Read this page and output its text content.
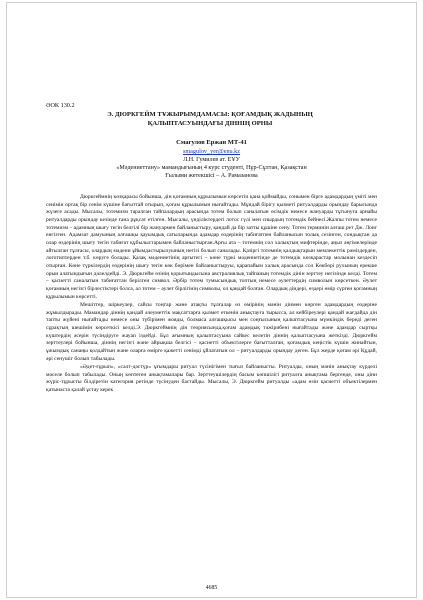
ӘОК 130.2
Э. ДЮРКГЕЙМ ТҰЖЫРЫМДАМАСЫ: ҚОҒАМДЫҚ ЖАДЫНЫҢ
ҚАЛЫПТАСУЫНДАҒЫ ДІННІҢ ОРНЫ
Смагулов Ержан МТ-41
smagulov_yer@enu.kz
Л.Н. Гумилев ат. ЕҰУ
«Мәдениеттану» мамандығының 4 курс студенті, Нұр-Сұлтан, Қазақстан
Ғылыми жетекшісі – А. Рамазанова

Дюркгеймнің көзқарасы бойынша, дін қоғамның құрылымын көрсетіп қана қоймайды, сонымен бірге адамдардың үміті мен сенімін ортақ бір сенім күшіне бағыттай отырып, қоғам құрылымын нығайтады. Мұндай бірігу қызметі ритуалдарды орындау барысында жүзеге асады. Мысалы, тотемизм таралған тайпалардың арасында тотем болып саналатын өсімдік немесе жануарды тұтынуға арнайы ритуалдарды орындау кезінде ғана рұқсат етілген. Мысалы, үнділіктердегі лотос гүлі мен сиырдың тотемдік бейнесі.Жалпы тотем немесе тотемизм – адамның шығу тегін белгілі бір жануармен байланыстыру, қандай да бір затты құшіне сену. Тотем терминін алғаш рет Дж. Лонг енгізген. Адамзат дамуының алғашқы қауымдық сатыларында адамдар өздерінің табиғатпен байланысын толық сезінген, сондықтан да олар өздерінің шығу тегін табиғат құбылыстарымен байланыстырған.Арғы ата – тотемнің сол халықтың мифтерінде, аңыз әңгімелерінде айтылған тұлғасы, олардың мəдени ұйымдастырылуының негізі болып саналады. Қазіргі тотемнің қалдықтарын мемлекеттік рәміздерден, логотиптерден т.б. көруге болады. Қазақ мəдениетінің арғытегі – көне түркі мəдениетінде де тотемдік көзқарастар молынан кездесіп отырған. Көне түркілердің өздерінің шығу тегін көк бөрімен байланыстыруы, қарапайым халық арасында сол Көкбөрі рухының ерекше орын алатындығын дəлелдейді. Э. Дюркгейм өзінің қорытындысына австралиялық тайпаның тотемдік дінін зерттеу негізінде келді. Тотем – қасиетті саналатын табиғаттан берілген символ. Әрбір тотем тумысындық топтың немесе әулеттердің символын көрсеткен. Әулет қоғамның негізгі бірлестіктері болса, ал тотем – әулет бірлігінің символы, ол қандай болған. Олардың діндері, өздері өмір сүрген қоғамның құрылымын көрсетті.

Мешіттер, шіркеулер, сайсы тоңтар және атақты тұлғалар өз өмірінің мəнін дінмен көрген адамдардың өздеріне жұмылдырады. Мамандар діннің қандай әлеуметтік мақсаттарға қызмет еткенін анықтауға тырысса, ал кейбіреулері қандай жағдайда дін тапты жүйені нығайтады немесе оны түбірімен жояды, болмаса алғашқысы мен соңғысының қалыптасуына мүмкіндік береді деген сұрақтың шешімін көрсеткісі келді.Э. Дюркгеймнің дін теориясында,қоғам адамдық тəжірибені нығайтады және адамдар сыртқы күштердің әсерін түсіндіруге жауап іздейді. Бұл ағымның қалыптасуына сайкес келетін діннің қалыптасуына жеткізді. Дюркгейм зерттеулері бойынша, діннің негізгі және айрықша белгісі – қасиетті объектілерге бағытталған, қоғамдық кеңістік күшін жинайтын, ұжымдық санаңы қолдайтын және оларға өмірге қажетті сенімді ұйлататын ол – ритуалдарды орындау деген. Бұл жерде қоғам әрі Құдай, әрі сенушіг болып табылады.

«Әдет-ғұрып», «салт-дәстүр» ұғымдары ритуал түсінігімен тығыз байланысты. Ритуалды, оның мəнін анықтау күрделі мəселе болып табылады. Оның көптеген анықтамалары бар. Зерттеушілердің басым көпшілігі ритуалға анықтама бергенде, оны діни жүріс-тұрысты білдіретін категория ретінде түсінуден бастайды. Мысалы, Э. Дюркгейм ритуалды «адам өзін қасиетті объектілермен қатынаста қалай ұстау керек

4685
